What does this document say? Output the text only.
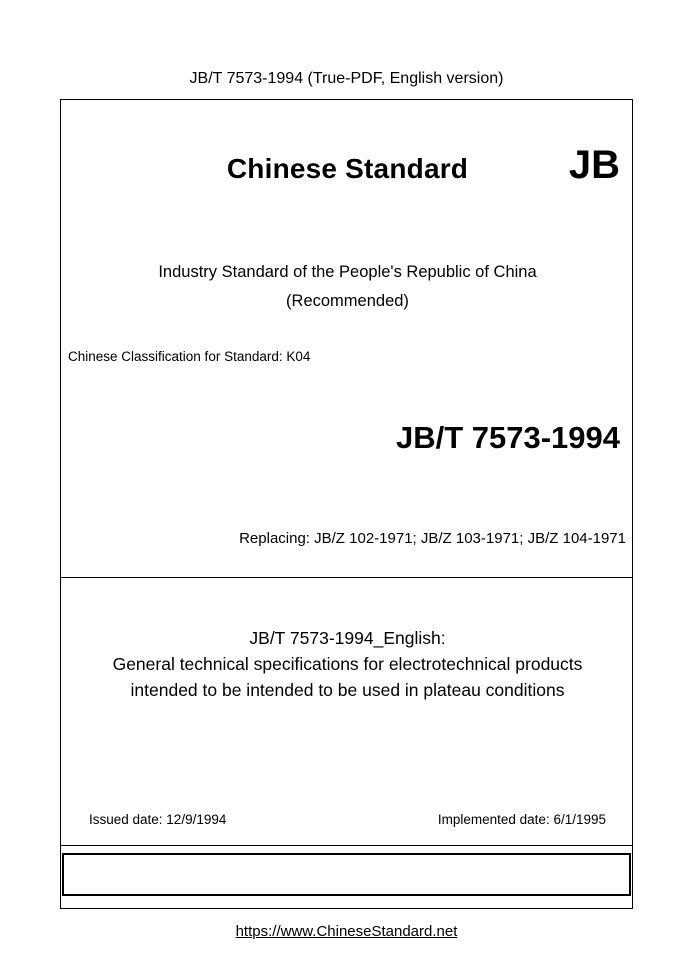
JB/T 7573-1994 (True-PDF, English version)
Chinese Standard	JB
Industry Standard of the People's Republic of China
(Recommended)
Chinese Classification for Standard: K04
JB/T 7573-1994
Replacing: JB/Z 102-1971; JB/Z 103-1971; JB/Z 104-1971
JB/T 7573-1994_English:
General technical specifications for electrotechnical products
intended to be intended to be used in plateau conditions
Issued date: 12/9/1994	Implemented date: 6/1/1995
https://www.ChineseStandard.net
